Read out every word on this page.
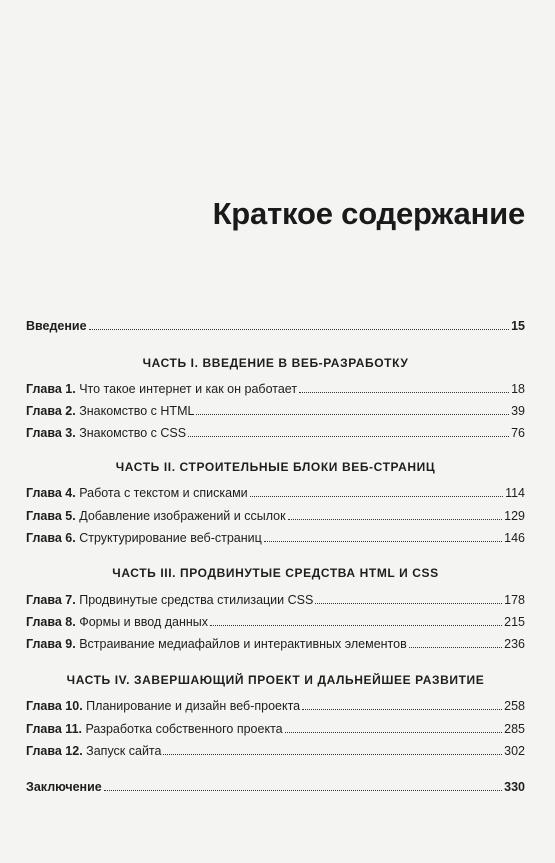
Краткое содержание
Введение	15
ЧАСТЬ I. ВВЕДЕНИЕ В ВЕБ-РАЗРАБОТКУ
Глава 1. Что такое интернет и как он работает	18
Глава 2. Знакомство с HTML	39
Глава 3. Знакомство с CSS	76
ЧАСТЬ II. СТРОИТЕЛЬНЫЕ БЛОКИ ВЕБ-СТРАНИЦ
Глава 4. Работа с текстом и списками	114
Глава 5. Добавление изображений и ссылок	129
Глава 6. Структурирование веб-страниц	146
ЧАСТЬ III. ПРОДВИНУТЫЕ СРЕДСТВА HTML И CSS
Глава 7. Продвинутые средства стилизации CSS	178
Глава 8. Формы и ввод данных	215
Глава 9. Встраивание медиафайлов и интерактивных элементов	236
ЧАСТЬ IV. ЗАВЕРШАЮЩИЙ ПРОЕКТ И ДАЛЬНЕЙШЕЕ РАЗВИТИЕ
Глава 10. Планирование и дизайн веб-проекта	258
Глава 11. Разработка собственного проекта	285
Глава 12. Запуск сайта	302
Заключение	330
